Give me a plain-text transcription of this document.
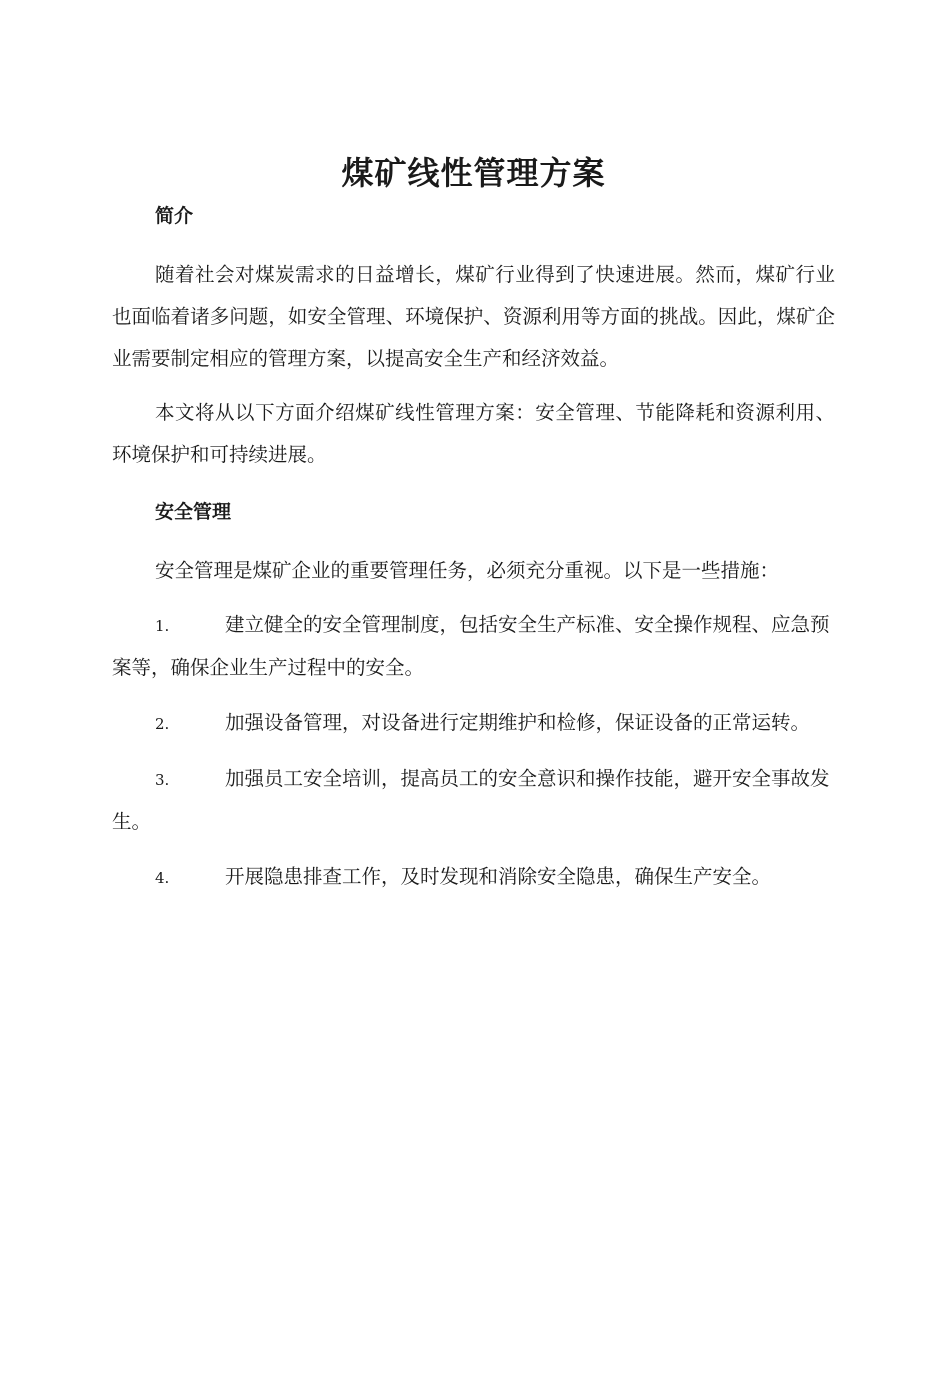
煤矿线性管理方案
简介

随着社会对煤炭需求的日益增长，煤矿行业得到了快速进展。然而，煤矿行业也面临着诸多问题，如安全管理、环境保护、资源利用等方面的挑战。因此，煤矿企业需要制定相应的管理方案，以提高安全生产和经济效益。

本文将从以下方面介绍煤矿线性管理方案：安全管理、节能降耗和资源利用、环境保护和可持续进展。

安全管理

安全管理是煤矿企业的重要管理任务，必须充分重视。以下是一些措施：

1.	建立健全的安全管理制度，包括安全生产标准、安全操作规程、应急预案等，确保企业生产过程中的安全。
2.	加强设备管理，对设备进行定期维护和检修，保证设备的正常运转。
3.	加强员工安全培训，提高员工的安全意识和操作技能，避开安全事故发生。
4.	开展隐患排查工作，及时发现和消除安全隐患，确保生产安全。
